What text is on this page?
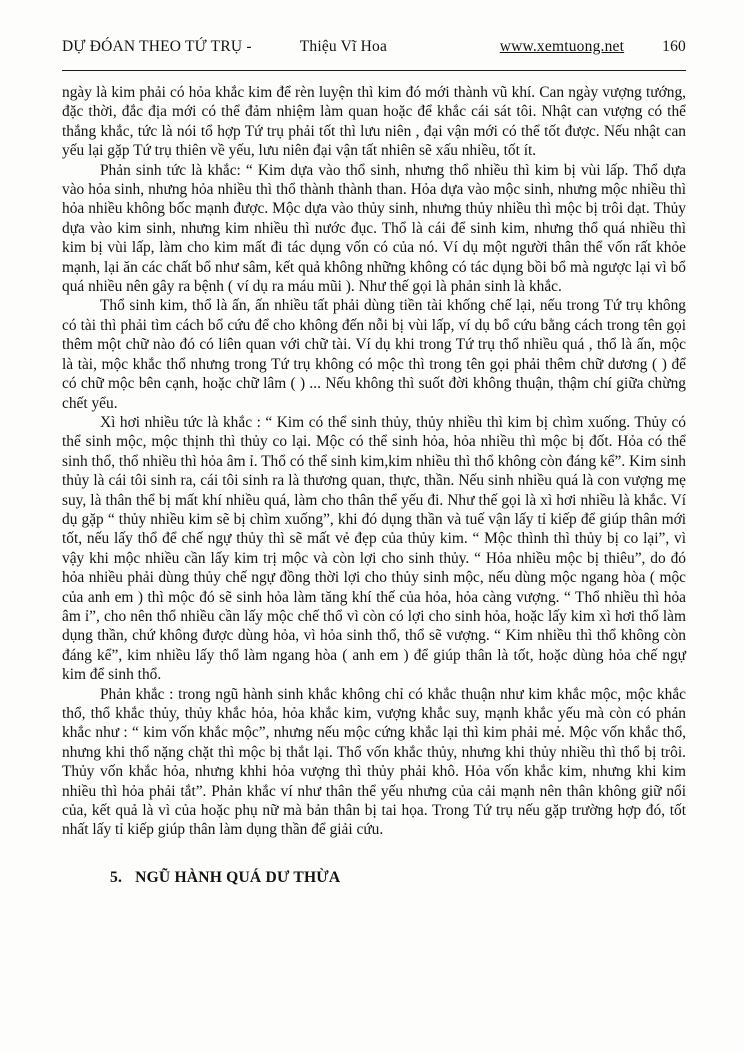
DỰ ĐÓAN THEO TỨ TRỤ -	Thiệu Vĩ Hoa	www.xemtuong.net 160

ngày là kim phải có hỏa khắc kim để rèn luyện thì kim đó mới thành vũ khí. Can ngày vượng tướng, đặc thời, đắc địa mới có thể đảm nhiệm làm quan hoặc để khắc cái sát tôi. Nhật can vượng có thể thắng khắc, tức là nói tổ hợp Tứ trụ phải tốt thì lưu niên , đại vận mới có thể tốt được. Nếu nhật can yếu lại gặp Tứ trụ thiên về yếu, lưu niên đại vận tất nhiên sẽ xấu nhiều, tốt ít.

Phản sinh tức là khắc: “ Kim dựa vào thổ sinh, nhưng thổ nhiều thì kim bị vùi lấp. Thổ dựa vào hỏa sinh, nhưng hỏa nhiều thì thổ thành thành than. Hỏa dựa vào mộc sinh, nhưng mộc nhiều thì hỏa nhiều không bốc mạnh được. Mộc dựa vào thủy sinh, nhưng thủy nhiều thì mộc bị trôi dạt. Thủy dựa vào kim sinh, nhưng kim nhiều thì nước đục. Thổ là cái để sinh kim, nhưng thổ quá nhiều thì kim bị vùi lấp, làm cho kim mất đi tác dụng vốn có của nó. Ví dụ một người thân thể vốn rất khỏe mạnh, lại ăn các chất bổ như sâm, kết quả không những không có tác dụng bồi bổ mà ngược lại vì bổ quá nhiều nên gây ra bệnh ( ví dụ ra máu mũi ). Như thế gọi là phản sinh là khắc.

Thổ sinh kim, thổ là ấn, ấn nhiều tất phải dùng tiền tài khống chế lại, nếu trong Tứ trụ không có tài thì phải tìm cách bổ cứu để cho không đến nỗi bị vùi lấp, ví dụ bổ cứu bằng cách trong tên gọi thêm một chữ nào đó có liên quan với chữ tài. Ví dụ khi trong Tứ trụ thổ nhiều quá , thổ là ấn, mộc là tài, mộc khắc thổ nhưng trong Tứ trụ không có mộc thì trong tên gọi phải thêm chữ dương ( ) để có chữ mộc bên cạnh, hoặc chữ lâm ( ) ... Nếu không thì suốt đời không thuận, thậm chí giữa chừng chết yểu.

Xì hơi nhiều tức là khắc : “ Kim có thể sinh thủy, thủy nhiều thì kim bị chìm xuống. Thủy có thể sinh mộc, mộc thịnh thì thủy co lại. Mộc có thể sinh hỏa, hỏa nhiều thì mộc bị đốt. Hỏa có thể sinh thổ, thổ nhiều thì hỏa âm ỉ. Thổ có thể sinh kim,kim nhiều thì thổ không còn đáng kể”. Kim sinh thủy là cái tôi sinh ra, cái tôi sinh ra là thương quan, thực, thần. Nếu sinh nhiều quá là con vượng mẹ suy, là thân thể bị mất khí nhiều quá, làm cho thân thể yếu đi. Như thế gọi là xì hơi nhiều là khắc. Ví dụ gặp “ thủy nhiều kim sẽ bị chìm xuống”, khi đó dụng thần và tuế vận lấy tỉ kiếp để giúp thân mới tốt, nếu lấy thổ để chế ngự thủy thì sẽ mất vẻ đẹp của thủy kim. “ Mộc thình thì thủy bị co lại”, vì vậy khi mộc nhiều cần lấy kim trị mộc và còn lợi cho sinh thủy. “ Hỏa nhiều mộc bị thiêu”, do đó hỏa nhiều phải dùng thủy chế ngự đồng thời lợi cho thủy sinh mộc, nếu dùng mộc ngang hòa ( mộc của anh em ) thì mộc đó sẽ sinh hỏa làm tăng khí thế của hỏa, hỏa càng vượng. “ Thổ nhiều thì hỏa âm ỉ”, cho nên thổ nhiều cần lấy mộc chế thổ vì còn có lợi cho sinh hỏa, hoặc lấy kim xì hơi thổ làm dụng thần, chứ không được dùng hỏa, vì hỏa sinh thổ, thổ sẽ vượng. “ Kim nhiều thì thổ không còn đáng kể”, kim nhiều lấy thổ làm ngang hòa ( anh em ) để giúp thân là tốt, hoặc dùng hỏa chế ngự kim để sinh thổ.

Phản khắc : trong ngũ hành sinh khắc không chỉ có khắc thuận như kim khắc mộc, mộc khắc thổ, thổ khắc thủy, thủy khắc hỏa, hỏa khắc kim, vượng khắc suy, mạnh khắc yếu mà còn có phản khắc như : “ kim vốn khắc mộc”, nhưng nếu mộc cứng khắc lại thì kim phải mẻ. Mộc vốn khắc thổ, nhưng khi thổ nặng chặt thì mộc bị thắt lại. Thổ vốn khắc thủy, nhưng khi thủy nhiều thì thổ bị trôi. Thủy vốn khắc hỏa, nhưng khhi hỏa vượng thì thủy phải khô. Hỏa vốn khắc kim, nhưng khi kim nhiều thì hỏa phải tắt”. Phản khắc ví như thân thể yếu nhưng của cải mạnh nên thân không giữ nổi của, kết quả là vì của hoặc phụ nữ mà bản thân bị tai họa. Trong Tứ trụ nếu gặp trường hợp đó, tốt nhất lấy tỉ kiếp giúp thân làm dụng thần để giải cứu.

5. NGŨ HÀNH QUÁ DƯ THỪA
